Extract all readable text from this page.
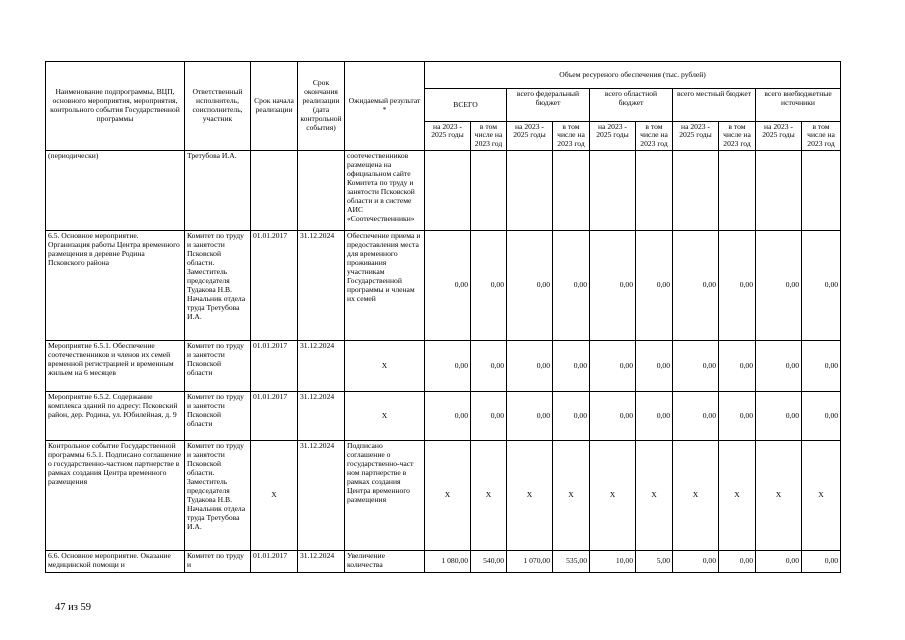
Наименование подпрограммы, ВЦП, основного мероприятия, мероприятия, контрольного события Государственной программы	Ответственный исполнитель, соисполнитель, участник	Срок начала реализации	Срок окончания реализации (дата контрольной события)	Ожидаемый результат *	Объем ресуреного обеспечения (тыс. рублей)									
					ВСЕГО		всего федеральный бюджет		всего областной бюджет		всего местный бюджет		всего внебюджетные источники	
					на 2023 - 2025 годы	в том числе на 2023 год	на 2023 - 2025 годы	в том числе на 2023 год	на 2023 - 2025 годы	в том числе на 2023 год	на 2023 - 2025 годы	в том числе на 2023 год	на 2023 - 2025 годы	в том числе на 2023 год
(периодически)	Третубова И.А.			соотечественников размещена на официальном сайте Комитета по труду и занятости Псковской области и в системе АИС «Соотечественники»										
6.5. Основное мероприятие. Организация работы Центра временного размещения в деревне Родина Псковского района	Комитет по труду и занятости Псковской области. Заместитель председателя Тудакова Н.В. Начальник отдела труда Третубова И.А.	01.01.2017	31.12.2024	Обеспечение приема и предоставления места для временного проживания участникам Государственной программы и членам их семей	0,00	0,00	0,00	0,00	0,00	0,00	0,00	0,00	0,00	0,00
Мероприятие 6.5.1. Обеспечение соотечественников и членов их семей временной регистрацией и временным жильем на 6 месяцев	Комитет по труду и занятости Псковской области	01.01.2017	31.12.2024	X	0,00	0,00	0,00	0,00	0,00	0,00	0,00	0,00	0,00	0,00
Мероприятие 6.5.2. Содержание комплекса зданий по адресу: Псковский район, дер. Родина, ул. Юбилейная, д. 9	Комитет по труду и занятости Псковской области	01.01.2017	31.12.2024	X	0,00	0,00	0,00	0,00	0,00	0,00	0,00	0,00	0,00	0,00
Контрольное событие Государственной программы 6.5.1. Подписано соглашение о государственно-частном партнерстве в рамках создания Центра временного размещения	Комитет по труду и занятости Псковской области. Заместитель председателя Тудакова Н.В. Начальник отдела труда Третубова И.А.	X	31.12.2024	Подписано соглашение о государственно-част ном партнерстве в рамках создания Центра временного размещения	X	X	X	X	X	X	X	X	X	X
6.6. Основное мероприятие. Оказание медицинской помощи и	Комитет по труду и	01.01.2017	31.12.2024	Увеличение количества	1 080,00	540,00	1 070,00	535,00	10,00	5,00	0,00	0,00	0,00	0,00
47 из 59
